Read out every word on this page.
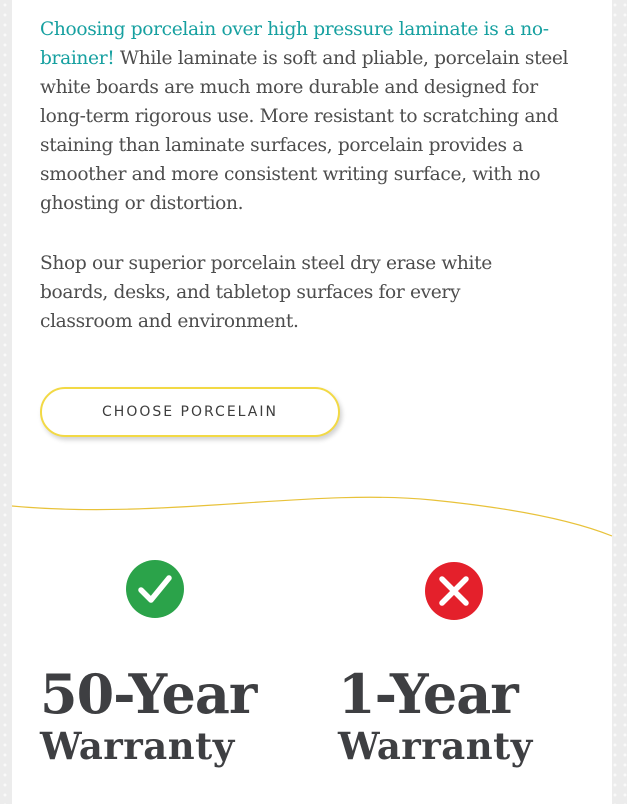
Choosing porcelain over high pressure laminate is a no-brainer! While laminate is soft and pliable, porcelain steel white boards are much more durable and designed for long-term rigorous use. More resistant to scratching and staining than laminate surfaces, porcelain provides a smoother and more consistent writing surface, with no ghosting or distortion.

Shop our superior porcelain steel dry erase white boards, desks, and tabletop surfaces for every classroom and environment.

CHOOSE PORCELAIN
50-Year
Warranty
1-Year
Warranty
